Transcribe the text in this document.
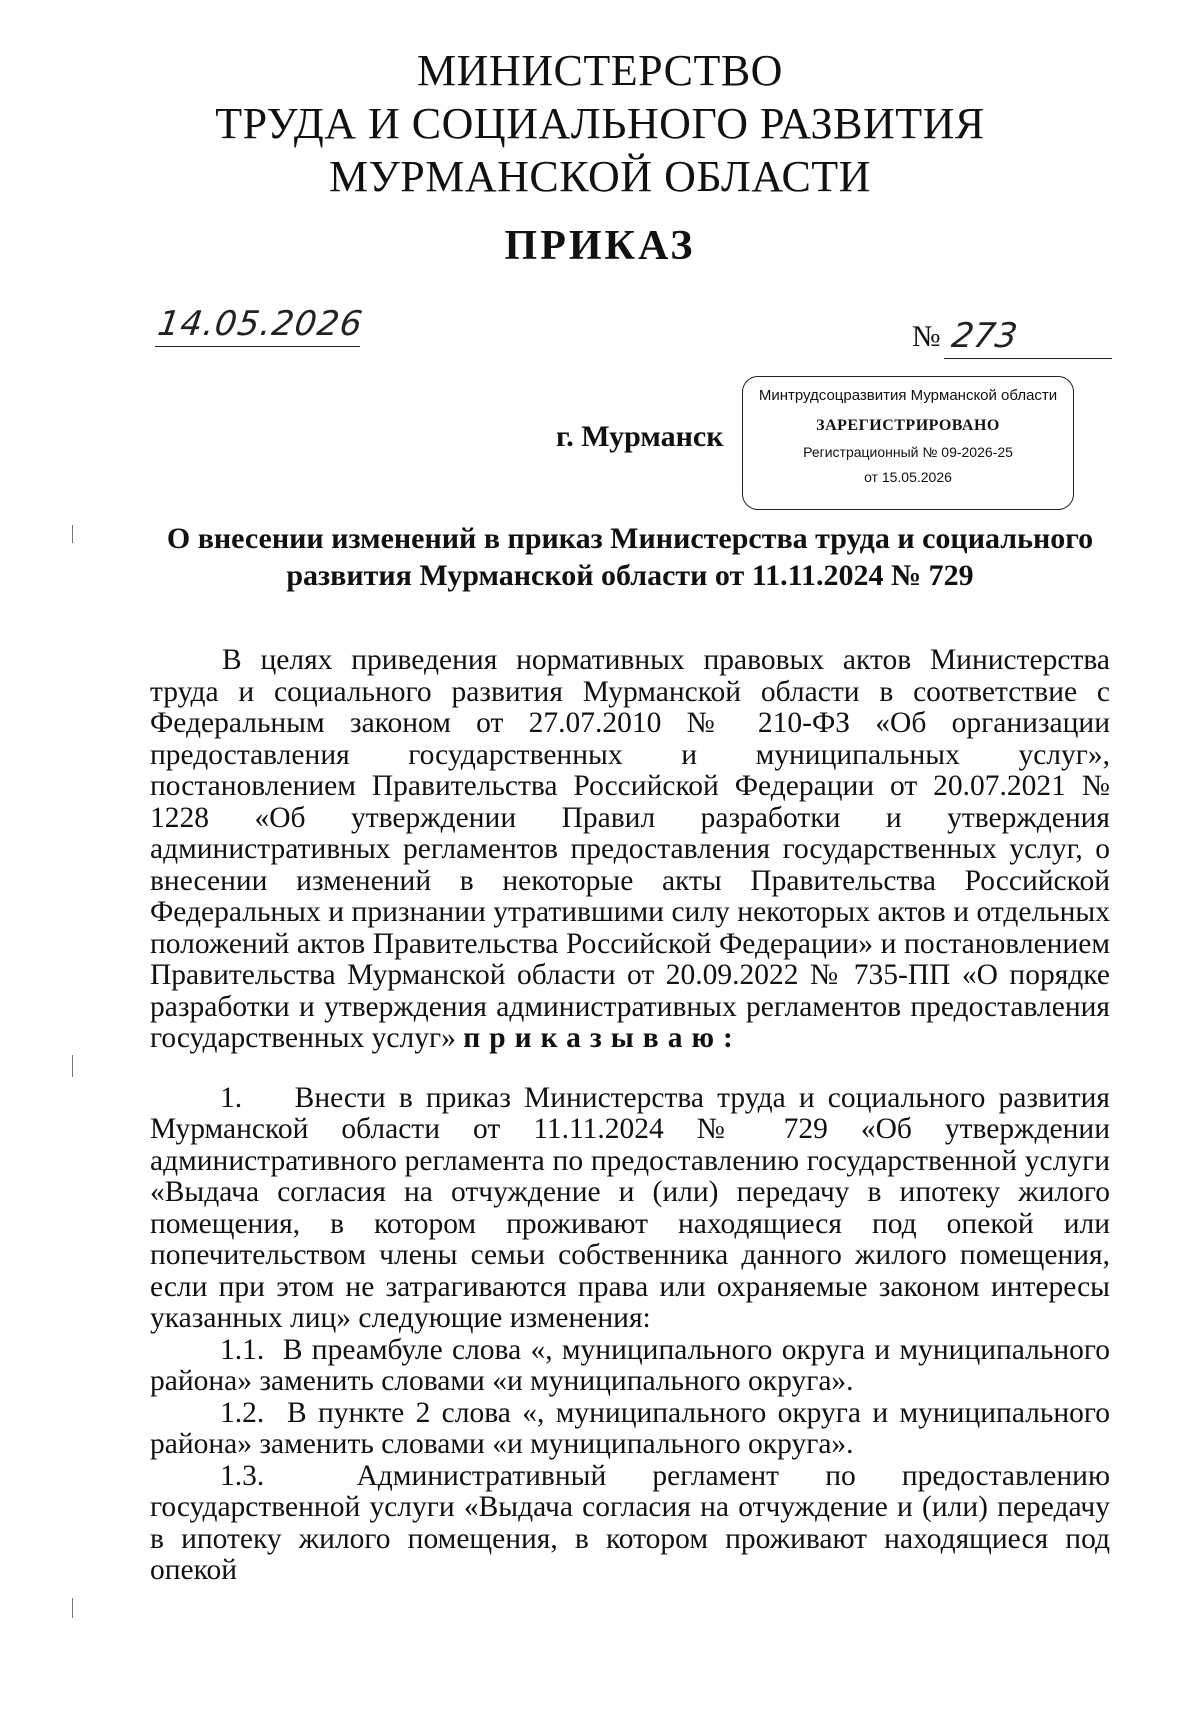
МИНИСТЕРСТВО
ТРУДА И СОЦИАЛЬНОГО РАЗВИТИЯ
МУРМАНСКОЙ ОБЛАСТИ
ПРИКАЗ
14.05.2026	№ 273
г. Мурманск
Минтрудсоцразвития Мурманской области
ЗАРЕГИСТРИРОВАНО
Регистрационный № 09-2026-25
от 15.05.2026
О внесении изменений в приказ Министерства труда и социального
развития Мурманской области от 11.11.2024 № 729

В целях приведения нормативных правовых актов Министерства труда и социального развития Мурманской области в соответствие с Федеральным законом от 27.07.2010 № 210-ФЗ «Об организации предоставления государственных и муниципальных услуг», постановлением Правительства Российской Федерации от 20.07.2021 № 1228 «Об утверждении Правил разработки и утверждения административных регламентов предоставления государственных услуг, о внесении изменений в некоторые акты Правительства Российской Федеральных и признании утратившими силу некоторых актов и отдельных положений актов Правительства Российской Федерации» и постановлением Правительства Мурманской области от 20.09.2022 № 735-ПП «О порядке разработки и утверждения административных регламентов предоставления государственных услуг» приказываю:

1.    Внести в приказ Министерства труда и социального развития Мурманской области от 11.11.2024 № 729 «Об утверждении административного регламента по предоставлению государственной услуги «Выдача согласия на отчуждение и (или) передачу в ипотеку жилого помещения, в котором проживают находящиеся под опекой или попечительством члены семьи собственника данного жилого помещения, если при этом не затрагиваются права или охраняемые законом интересы указанных лиц» следующие изменения:

1.1.  В преамбуле слова «, муниципального округа и муниципального района» заменить словами «и муниципального округа».

1.2.  В пункте 2 слова «, муниципального округа и муниципального района» заменить словами «и муниципального округа».

1.3.  Административный регламент по предоставлению государственной услуги «Выдача согласия на отчуждение и (или) передачу в ипотеку жилого помещения, в котором проживают находящиеся под опекой
